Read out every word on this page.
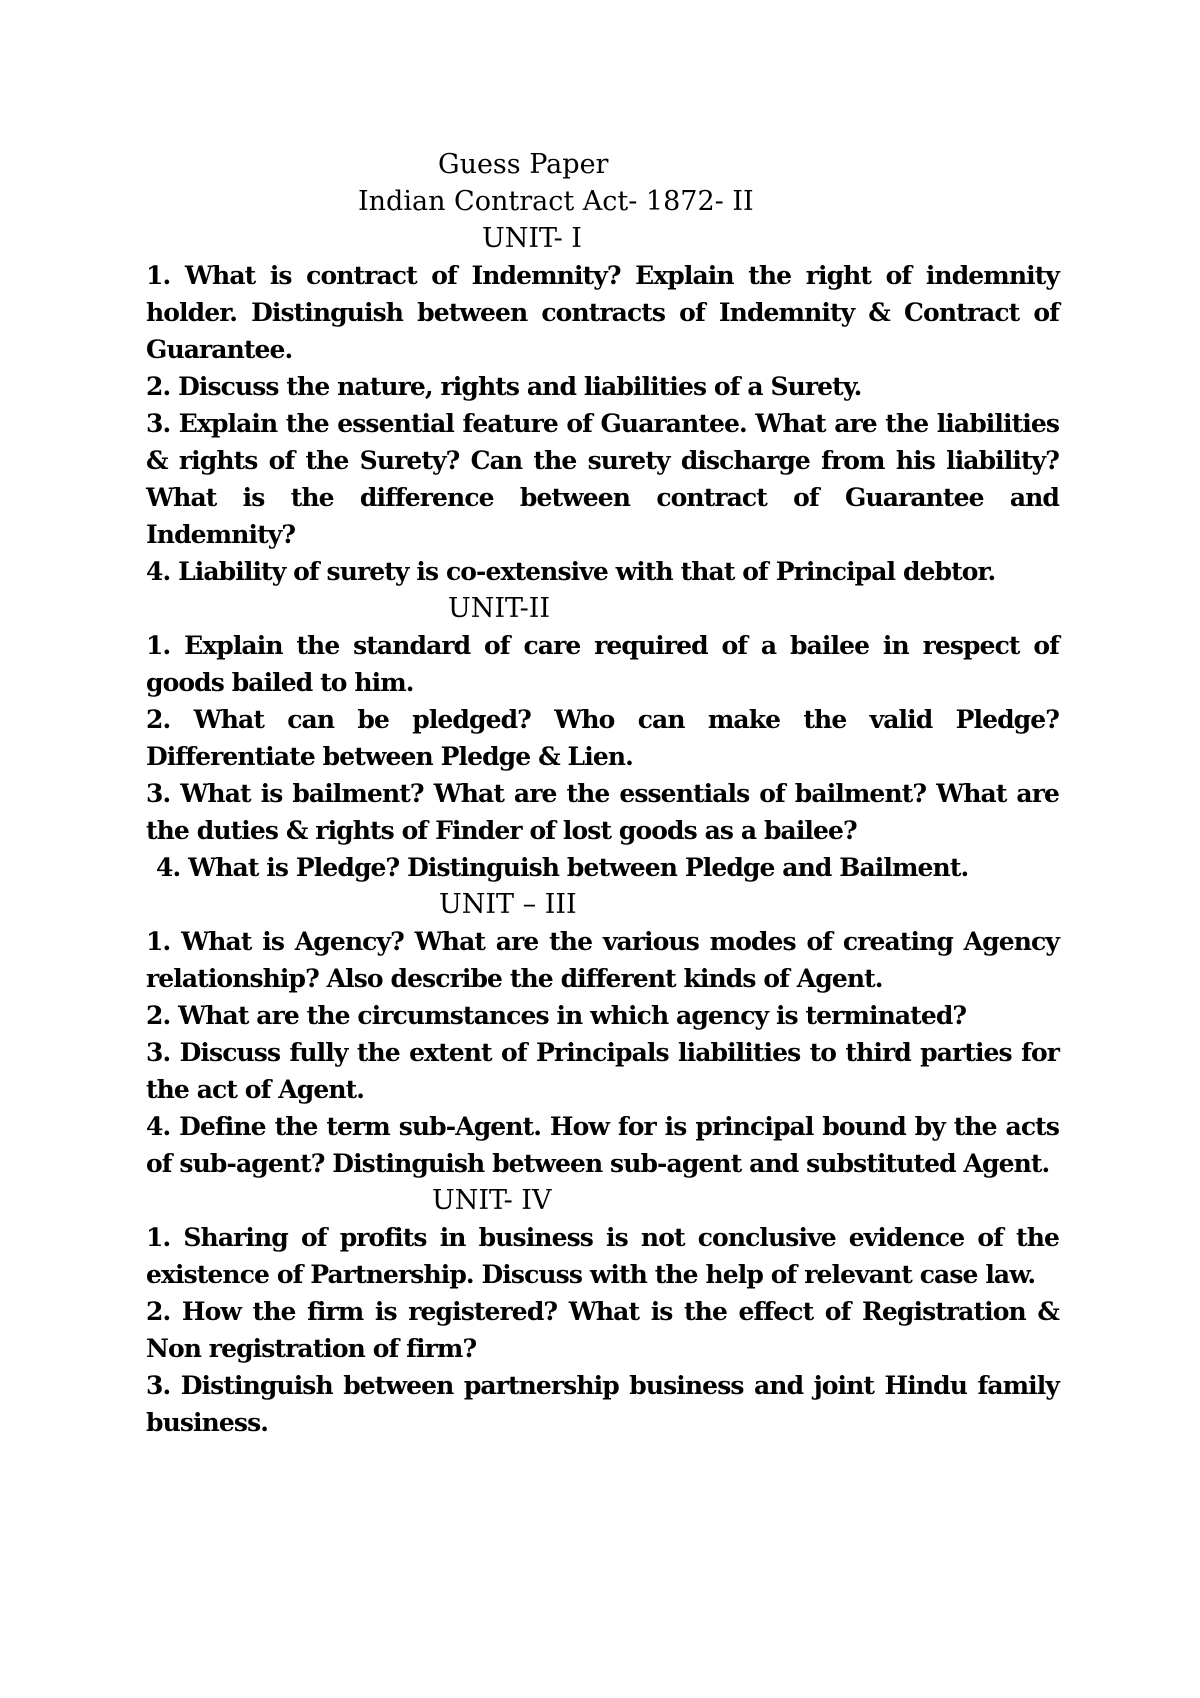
Guess Paper
Indian Contract Act- 1872- II
UNIT- I

1. What is contract of Indemnity? Explain the right of indemnity holder. Distinguish between contracts of Indemnity & Contract of Guarantee.

2. Discuss the nature, rights and liabilities of a Surety.

3. Explain the essential feature of Guarantee. What are the liabilities & rights of the Surety? Can the surety discharge from his liability? What is the difference between contract of Guarantee and Indemnity?

4. Liability of surety is co-extensive with that of Principal debtor.

UNIT-II

1. Explain the standard of care required of a bailee in respect of goods bailed to him.

2. What can be pledged? Who can make the valid Pledge? Differentiate between Pledge & Lien.

3. What is bailment? What are the essentials of bailment? What are the duties & rights of Finder of lost goods as a bailee?

4. What is Pledge? Distinguish between Pledge and Bailment.

UNIT – III

1. What is Agency? What are the various modes of creating Agency relationship? Also describe the different kinds of Agent.

2. What are the circumstances in which agency is terminated?

3. Discuss fully the extent of Principals liabilities to third parties for the act of Agent.

4. Define the term sub-Agent. How for is principal bound by the acts of sub-agent? Distinguish between sub-agent and substituted Agent.

UNIT- IV

1. Sharing of profits in business is not conclusive evidence of the existence of Partnership. Discuss with the help of relevant case law.

2. How the firm is registered? What is the effect of Registration & Non registration of firm?

3. Distinguish between partnership business and joint Hindu family business.
